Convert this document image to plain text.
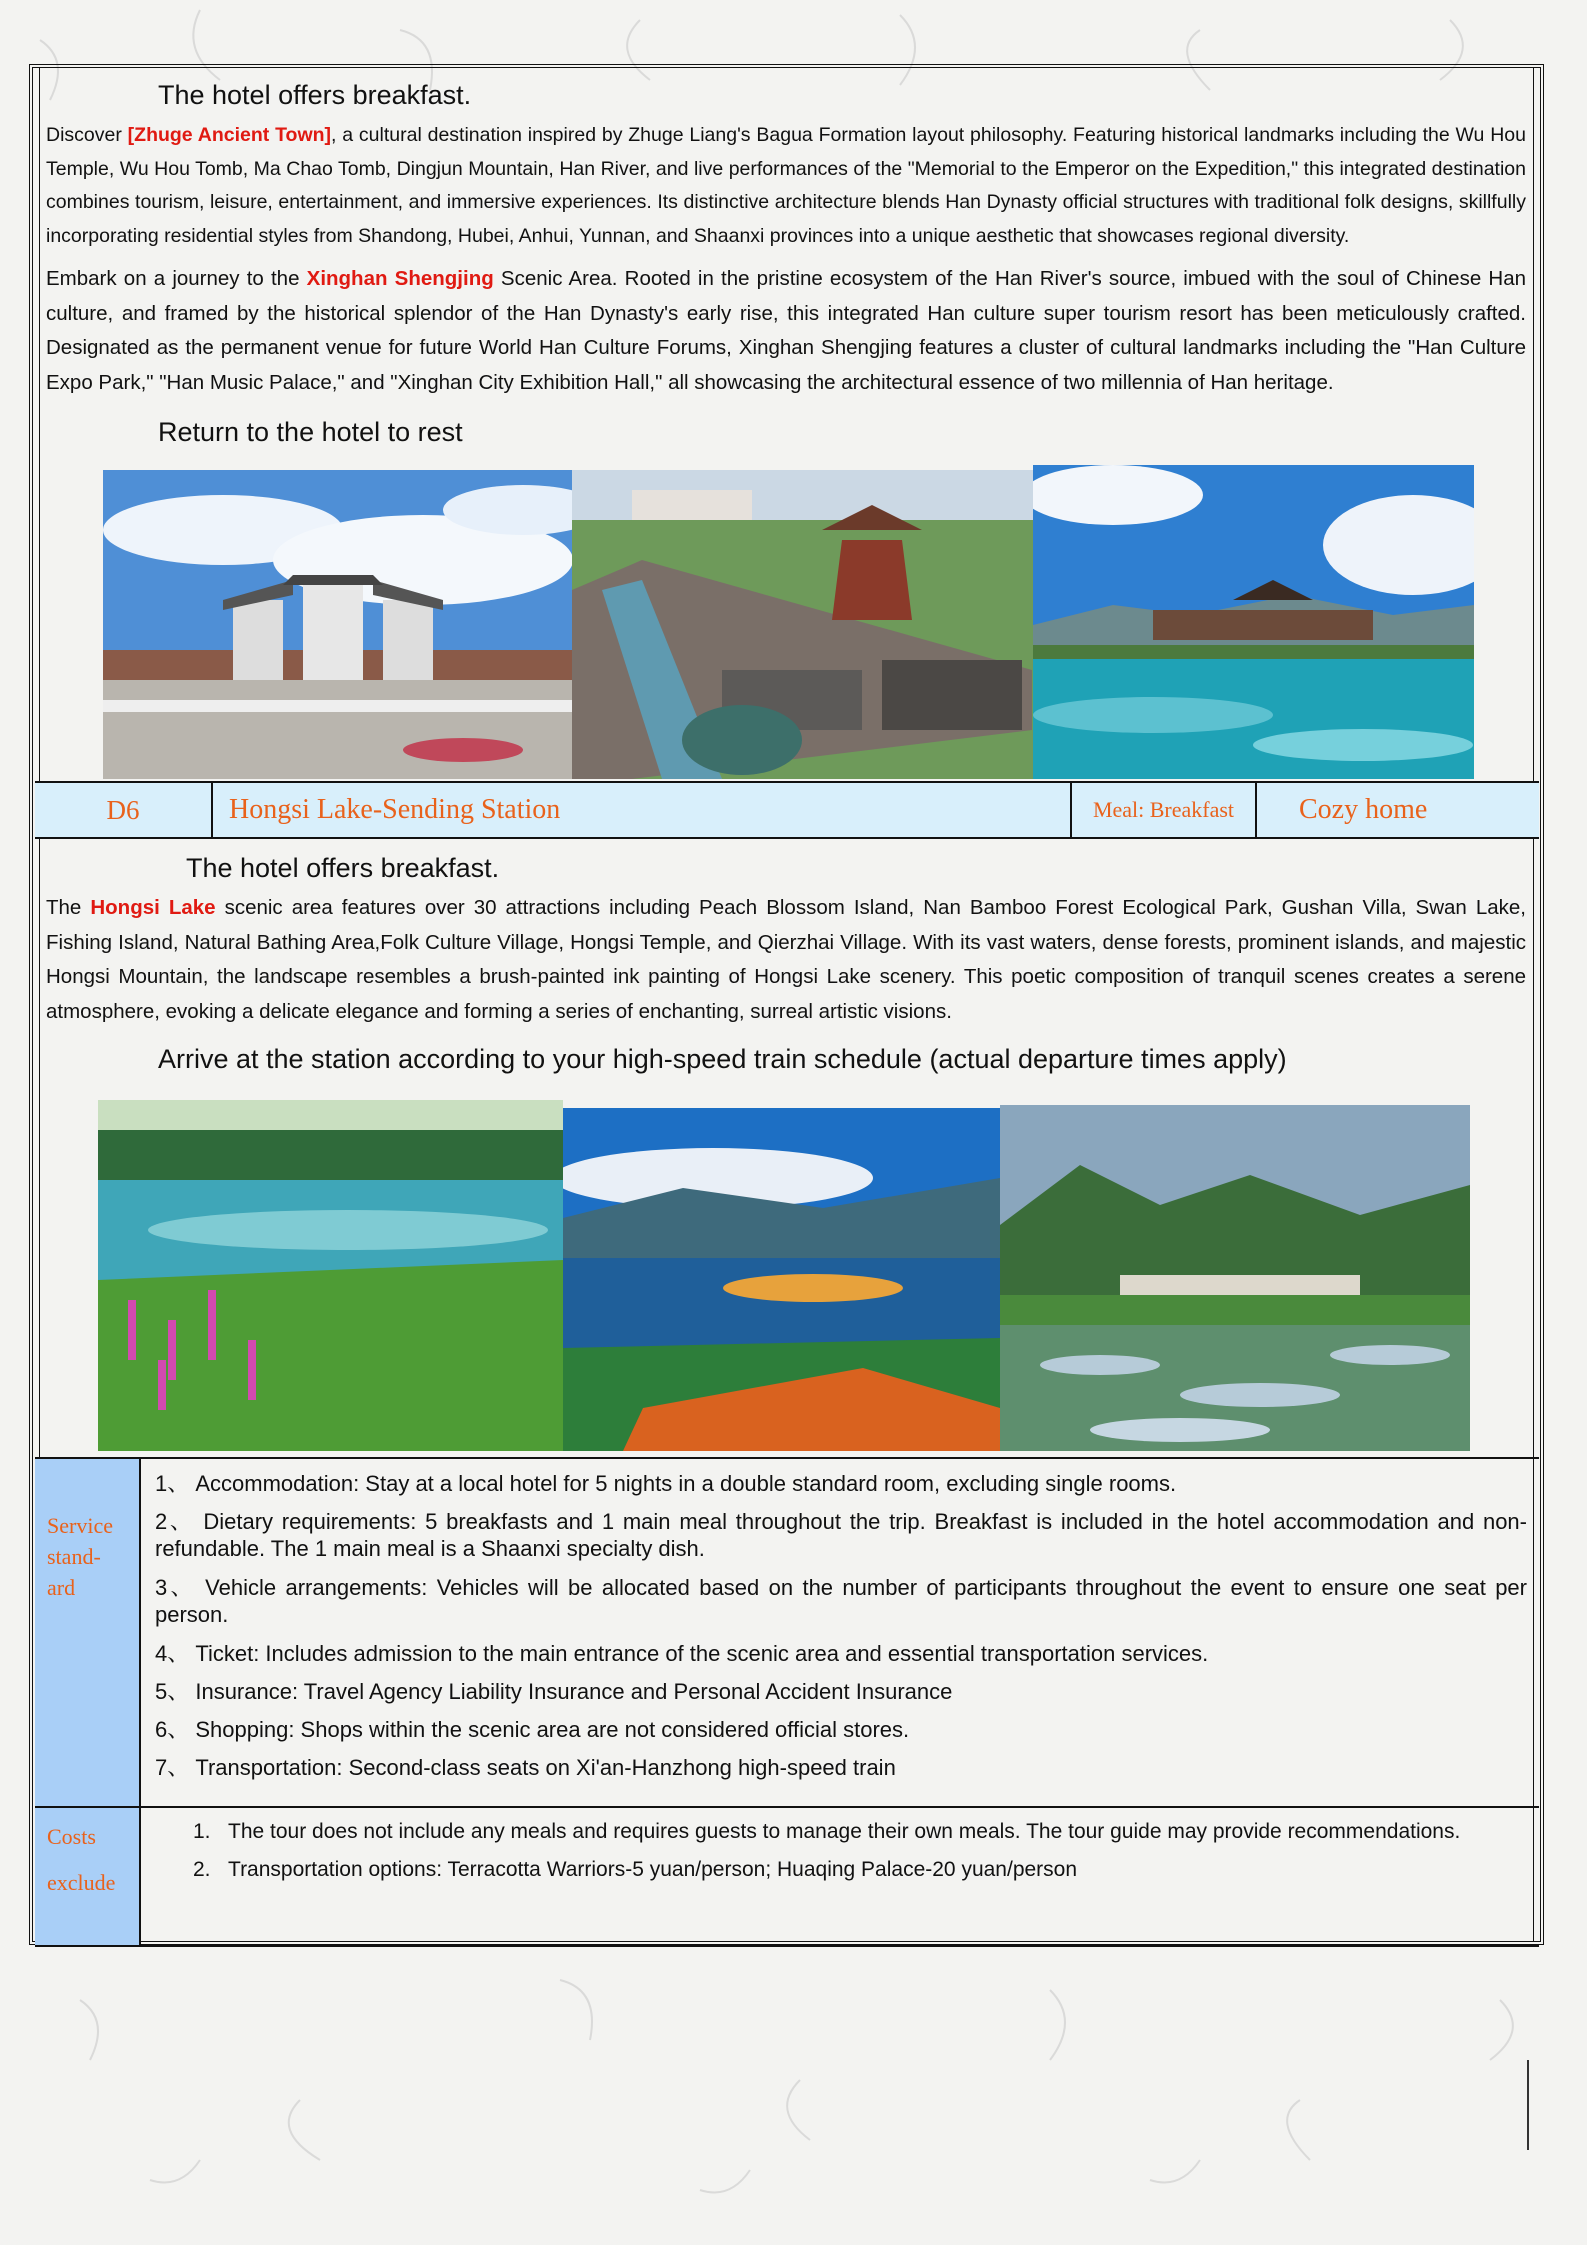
The hotel offers breakfast.
Discover [Zhuge Ancient Town], a cultural destination inspired by Zhuge Liang's Bagua Formation layout philosophy. Featuring historical landmarks including the Wu Hou Temple, Wu Hou Tomb, Ma Chao Tomb, Dingjun Mountain, Han River, and live performances of the "Memorial to the Emperor on the Expedition," this integrated destination combines tourism, leisure, entertainment, and immersive experiences. Its distinctive architecture blends Han Dynasty official structures with traditional folk designs, skillfully incorporating residential styles from Shandong, Hubei, Anhui, Yunnan, and Shaanxi provinces into a unique aesthetic that showcases regional diversity.
Embark on a journey to the Xinghan Shengjing Scenic Area. Rooted in the pristine ecosystem of the Han River's source, imbued with the soul of Chinese Han culture, and framed by the historical splendor of the Han Dynasty's early rise, this integrated Han culture super tourism resort has been meticulously crafted. Designated as the permanent venue for future World Han Culture Forums, Xinghan Shengjing features a cluster of cultural landmarks including the "Han Culture Expo Park," "Han Music Palace," and "Xinghan City Exhibition Hall," all showcasing the architectural essence of two millennia of Han heritage.
Return to the hotel to rest
D6	Hongsi Lake-Sending Station	Meal: Breakfast	Cozy home
The hotel offers breakfast.
The Hongsi Lake scenic area features over 30 attractions including Peach Blossom Island, Nan Bamboo Forest Ecological Park, Gushan Villa, Swan Lake, Fishing Island, Natural Bathing Area,Folk Culture Village, Hongsi Temple, and Qierzhai Village. With its vast waters, dense forests, prominent islands, and majestic Hongsi Mountain, the landscape resembles a brush-painted ink painting of Hongsi Lake scenery. This poetic composition of tranquil scenes creates a serene atmosphere, evoking a delicate elegance and forming a series of enchanting, surreal artistic visions.
Arrive at the station according to your high-speed train schedule (actual departure times apply)
Service
stand-
ard
1、 Accommodation: Stay at a local hotel for 5 nights in a double standard room, excluding single rooms.
2、 Dietary requirements: 5 breakfasts and 1 main meal throughout the trip. Breakfast is included in the hotel accommodation and non-refundable. The 1 main meal is a Shaanxi specialty dish.
3、 Vehicle arrangements: Vehicles will be allocated based on the number of participants throughout the event to ensure one seat per person.
4、 Ticket: Includes admission to the main entrance of the scenic area and essential transportation services.
5、 Insurance: Travel Agency Liability Insurance and Personal Accident Insurance
6、 Shopping: Shops within the scenic area are not considered official stores.
7、 Transportation: Second-class seats on Xi'an-Hanzhong high-speed train
Costs
exclude
1.   The tour does not include any meals and requires guests to manage their own meals. The tour guide may provide recommendations.
2.   Transportation options: Terracotta Warriors-5 yuan/person; Huaqing Palace-20 yuan/person
